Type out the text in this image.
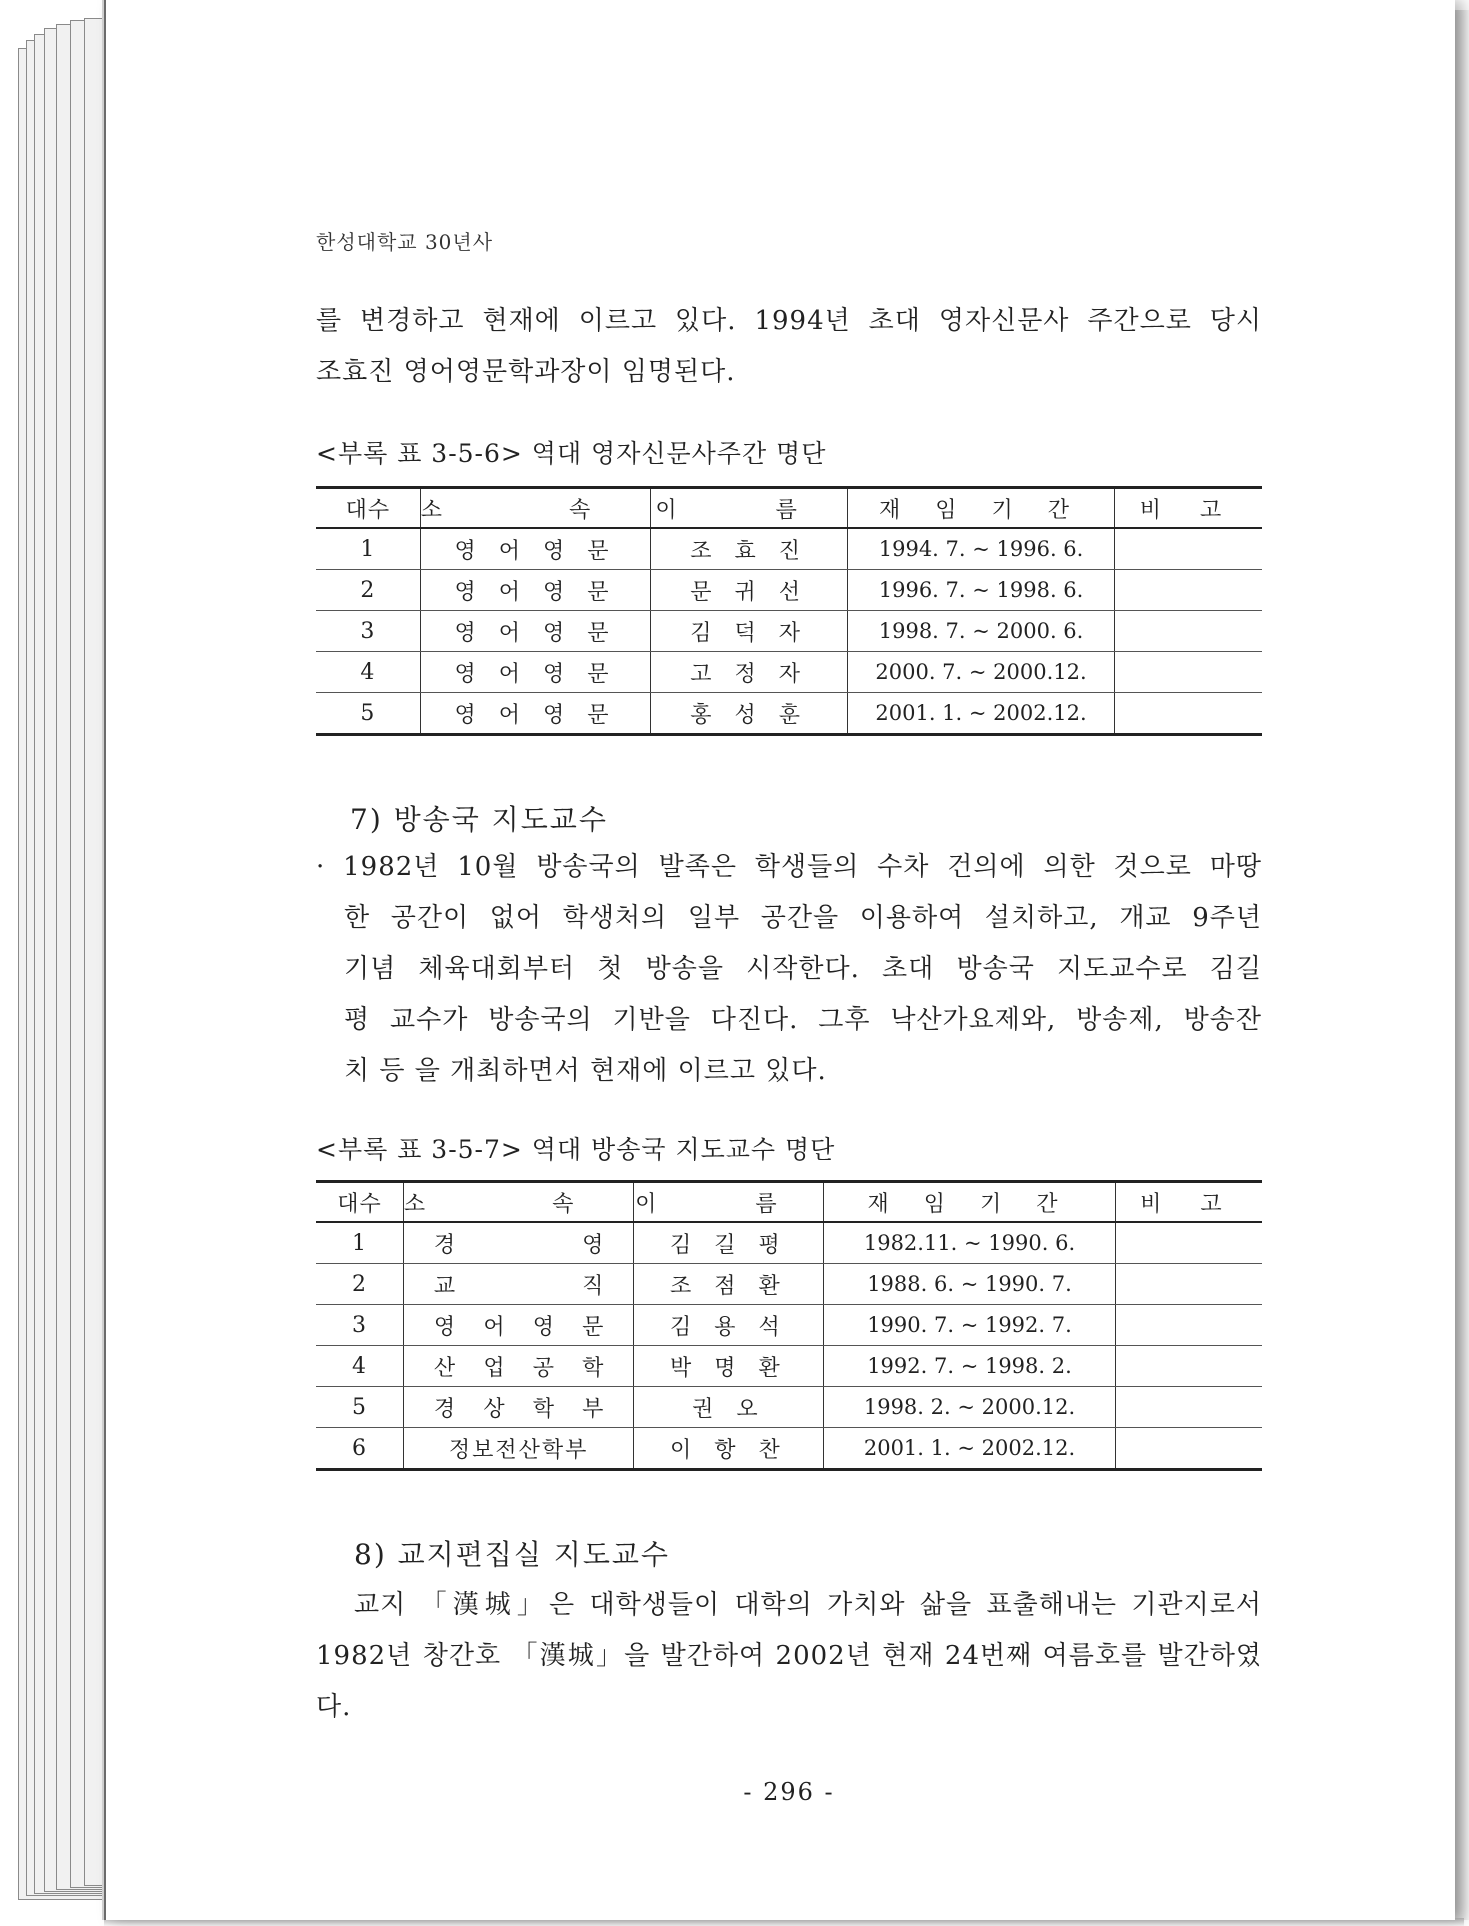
한성대학교 30년사
를 변경하고 현재에 이르고 있다. 1994년 초대 영자신문사 주간으로 당시
조효진 영어영문학과장이 임명된다.
<부록 표 3-5-6> 역대 영자신문사주간 명단
대수	소 속	이 름	재 임 기 간	비 고
1	영 어 영 문	조 효 진	1994. 7. ~ 1996. 6.	
2	영 어 영 문	문 귀 선	1996. 7. ~ 1998. 6.	
3	영 어 영 문	김 덕 자	1998. 7. ~ 2000. 6.	
4	영 어 영 문	고 정 자	2000. 7. ~ 2000.12.	
5	영 어 영 문	홍 성 훈	2001. 1. ~ 2002.12.	
7) 방송국 지도교수
· 1982년 10월 방송국의 발족은 학생들의 수차 건의에 의한 것으로 마땅
한 공간이 없어 학생처의 일부 공간을 이용하여 설치하고, 개교 9주년
기념 체육대회부터 첫 방송을 시작한다. 초대 방송국 지도교수로 김길
평 교수가 방송국의 기반을 다진다. 그후 낙산가요제와, 방송제, 방송잔
치 등 을 개최하면서 현재에 이르고 있다.
<부록 표 3-5-7> 역대 방송국 지도교수 명단
대수	소 속	이 름	재 임 기 간	비 고
1	경 영	김 길 평	1982.11. ~ 1990. 6.	
2	교 직	조 점 환	1988. 6. ~ 1990. 7.	
3	영 어 영 문	김 용 석	1990. 7. ~ 1992. 7.	
4	산 업 공 학	박 명 환	1992. 7. ~ 1998. 2.	
5	경 상 학 부	권 오	1998. 2. ~ 2000.12.	
6	정보전산학부	이 항 찬	2001. 1. ~ 2002.12.	
8) 교지편집실 지도교수
교지 「漢城」은 대학생들이 대학의 가치와 삶을 표출해내는 기관지로서
1982년 창간호 「漢城」을 발간하여 2002년 현재 24번째 여름호를 발간하였
다.
- 296 -
